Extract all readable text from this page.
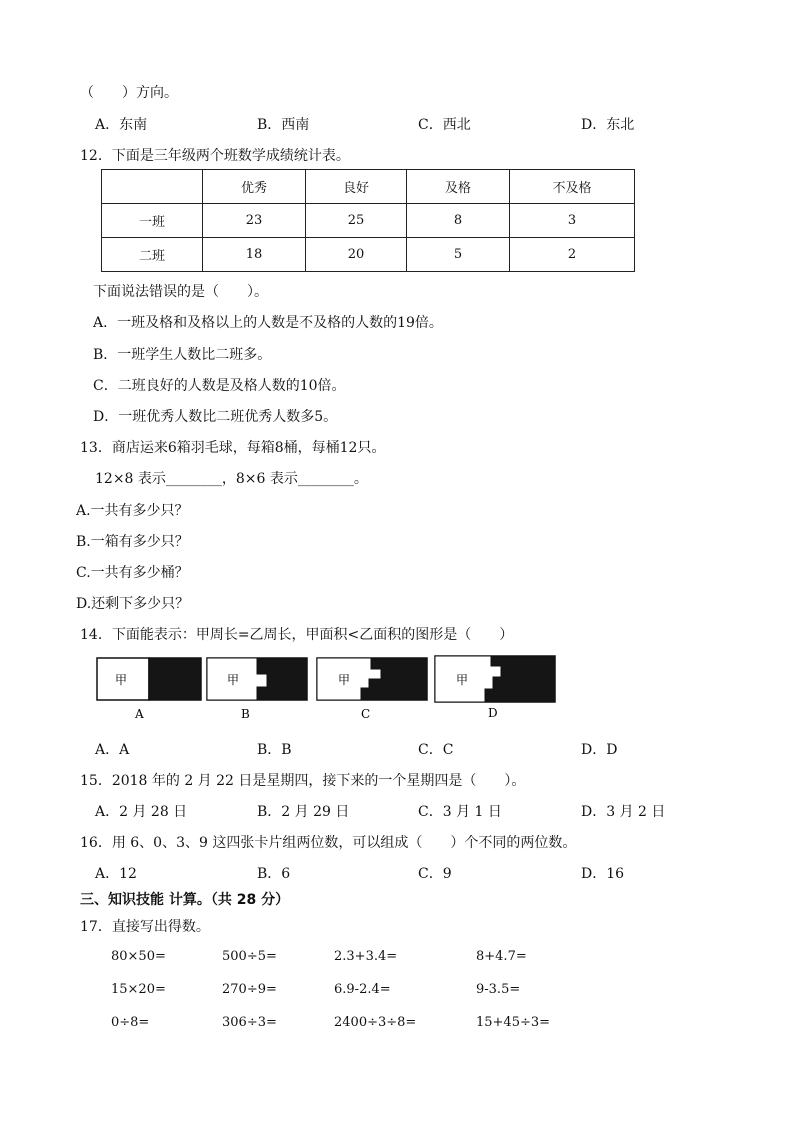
（　　）方向。
A．东南	B．西南	C．西北	D．东北
12．下面是三年级两个班数学成绩统计表。
	优秀	良好	及格	不及格
一班	23	25	8	3
二班	18	20	5	2
下面说法错误的是（　　）。
A．一班及格和及格以上的人数是不及格的人数的19倍。
B．一班学生人数比二班多。
C．二班良好的人数是及格人数的10倍。
D．一班优秀人数比二班优秀人数多5。
13．商店运来6箱羽毛球，每箱8桶，每桶12只。
12×8 表示________，8×6 表示________。
A.一共有多少只？
B.一箱有多少只？
C.一共有多少桶？
D.还剩下多少只？
14．下面能表示：甲周长=乙周长，甲面积<乙面积的图形是（　　）
甲
A
甲
B
甲
C
甲
D
A．A	B．B	C．C	D．D
15．2018 年的 2 月 22 日是星期四，接下来的一个星期四是（　　）。
A．2 月 28 日	B．2 月 29 日	C．3 月 1 日	D．3 月 2 日
16．用 6、0、3、9 这四张卡片组两位数，可以组成（　　）个不同的两位数。
A．12	B．6	C．9	D．16
三、知识技能 计算。（共 28 分）
17．直接写出得数。
80×50=	500÷5=	2.3+3.4=	8+4.7=
15×20=	270÷9=	6.9-2.4=	9-3.5=
0÷8=	306÷3=	2400÷3÷8=	15+45÷3=
